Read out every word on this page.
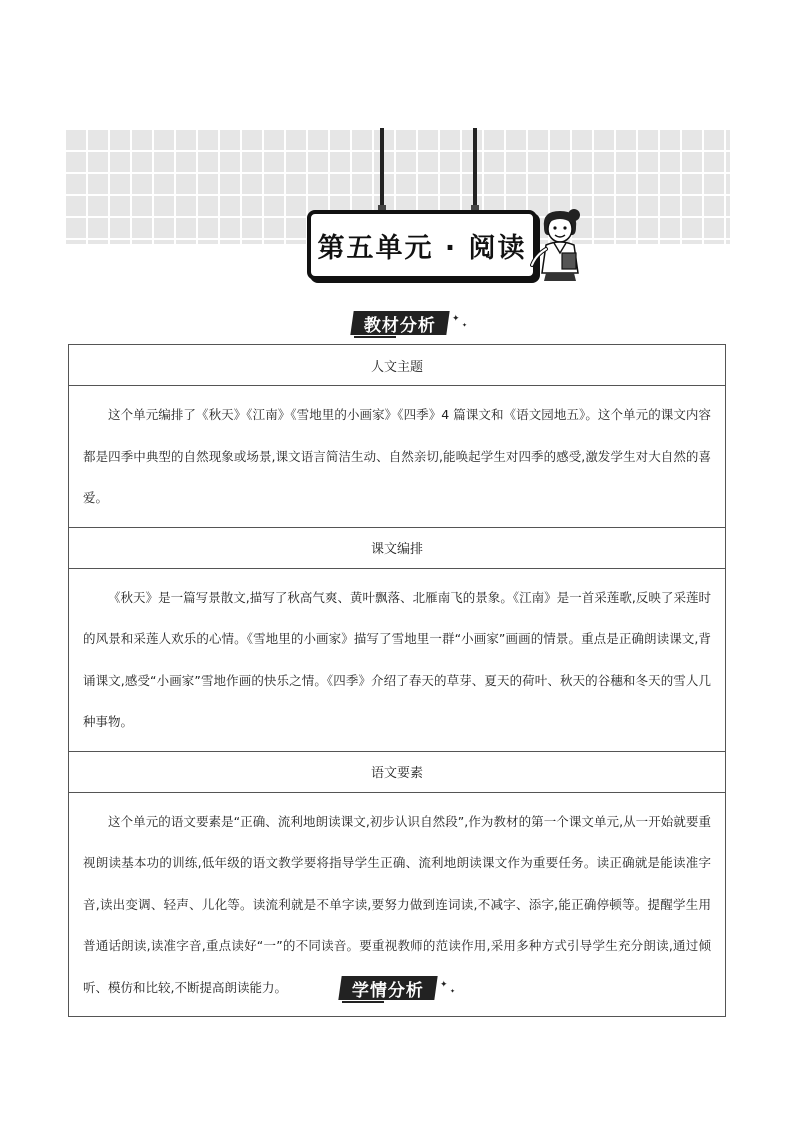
第五单元 · 阅读
教材分析 ✦
✦
人文主题
这个单元编排了《秋天》《江南》《雪地里的小画家》《四季》4 篇课文和《语文园地五》。这个单元的课文内容都是四季中典型的自然现象或场景,课文语言简洁生动、自然亲切,能唤起学生对四季的感受,激发学生对大自然的喜爱。
课文编排
《秋天》是一篇写景散文,描写了秋高气爽、黄叶飘落、北雁南飞的景象。《江南》是一首采莲歌,反映了采莲时的风景和采莲人欢乐的心情。《雪地里的小画家》描写了雪地里一群“小画家”画画的情景。重点是正确朗读课文,背诵课文,感受“小画家”雪地作画的快乐之情。《四季》介绍了春天的草芽、夏天的荷叶、秋天的谷穗和冬天的雪人几种事物。
语文要素
这个单元的语文要素是“正确、流利地朗读课文,初步认识自然段”,作为教材的第一个课文单元,从一开始就要重视朗读基本功的训练,低年级的语文教学要将指导学生正确、流利地朗读课文作为重要任务。读正确就是能读准字音,读出变调、轻声、儿化等。读流利就是不单字读,要努力做到连词读,不减字、添字,能正确停顿等。提醒学生用普通话朗读,读准字音,重点读好“一”的不同读音。要重视教师的范读作用,采用多种方式引导学生充分朗读,通过倾听、模仿和比较,不断提高朗读能力。	学情分析 ✦
✦
